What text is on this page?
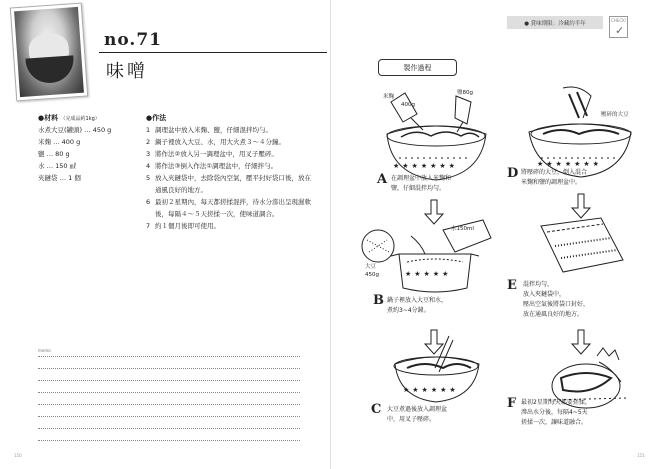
no.71
味噌
●材料 （完成品約1kg）
水煮大豆(罐頭) … 450 g
米麴 … 400 g
鹽 … 80 g
水 … 150 ㎖
夾鏈袋 … 1 個
●作法
1 調理盆中放入米麴、鹽，仔細混拌均勻。
2 鍋子裡放入大豆、水，用大火煮３～４分鐘。
3 將作法②放入另一調理盆中，用叉子壓碎。
4 將作法③倒入作法①調理盆中，仔細拌勻。
5 放入夾鏈袋中，去除袋內空氣，壓平封好袋口後，放在通風良好的地方。
6 最初２星期內，每天都搓揉混拌，待水分滲出呈現濕軟後，每隔４～５天搓揉一次，使味道調合。
7 約１個月後即可使用。
memo
150
● 賞味期限：冷藏約半年	CHECK!
✓
製作過程
★★★★★★★	★★★★★★★
★★★★★
★★★★★★
米麴
400g
鹽80g
壓碎的大豆
水150ml
大豆
450g
A 在調理盆中放入米麴和
鹽，仔細混拌均勻。
B 鍋子裡放入大豆和水，
煮約3~4分鐘。
C 大豆煮過後放入調理盆
中，用叉子壓碎。
D 將壓碎的大豆，倒入混合
米麴和鹽的調理盆中。
E 混拌均勻，
放入夾鏈袋中，
壓出空氣後將袋口封好，
放在通風良好的地方。
F 最初2星期每天都要搓揉，
滲出水分後，每隔4~5天
搓揉一次，讓味道融合。
151
